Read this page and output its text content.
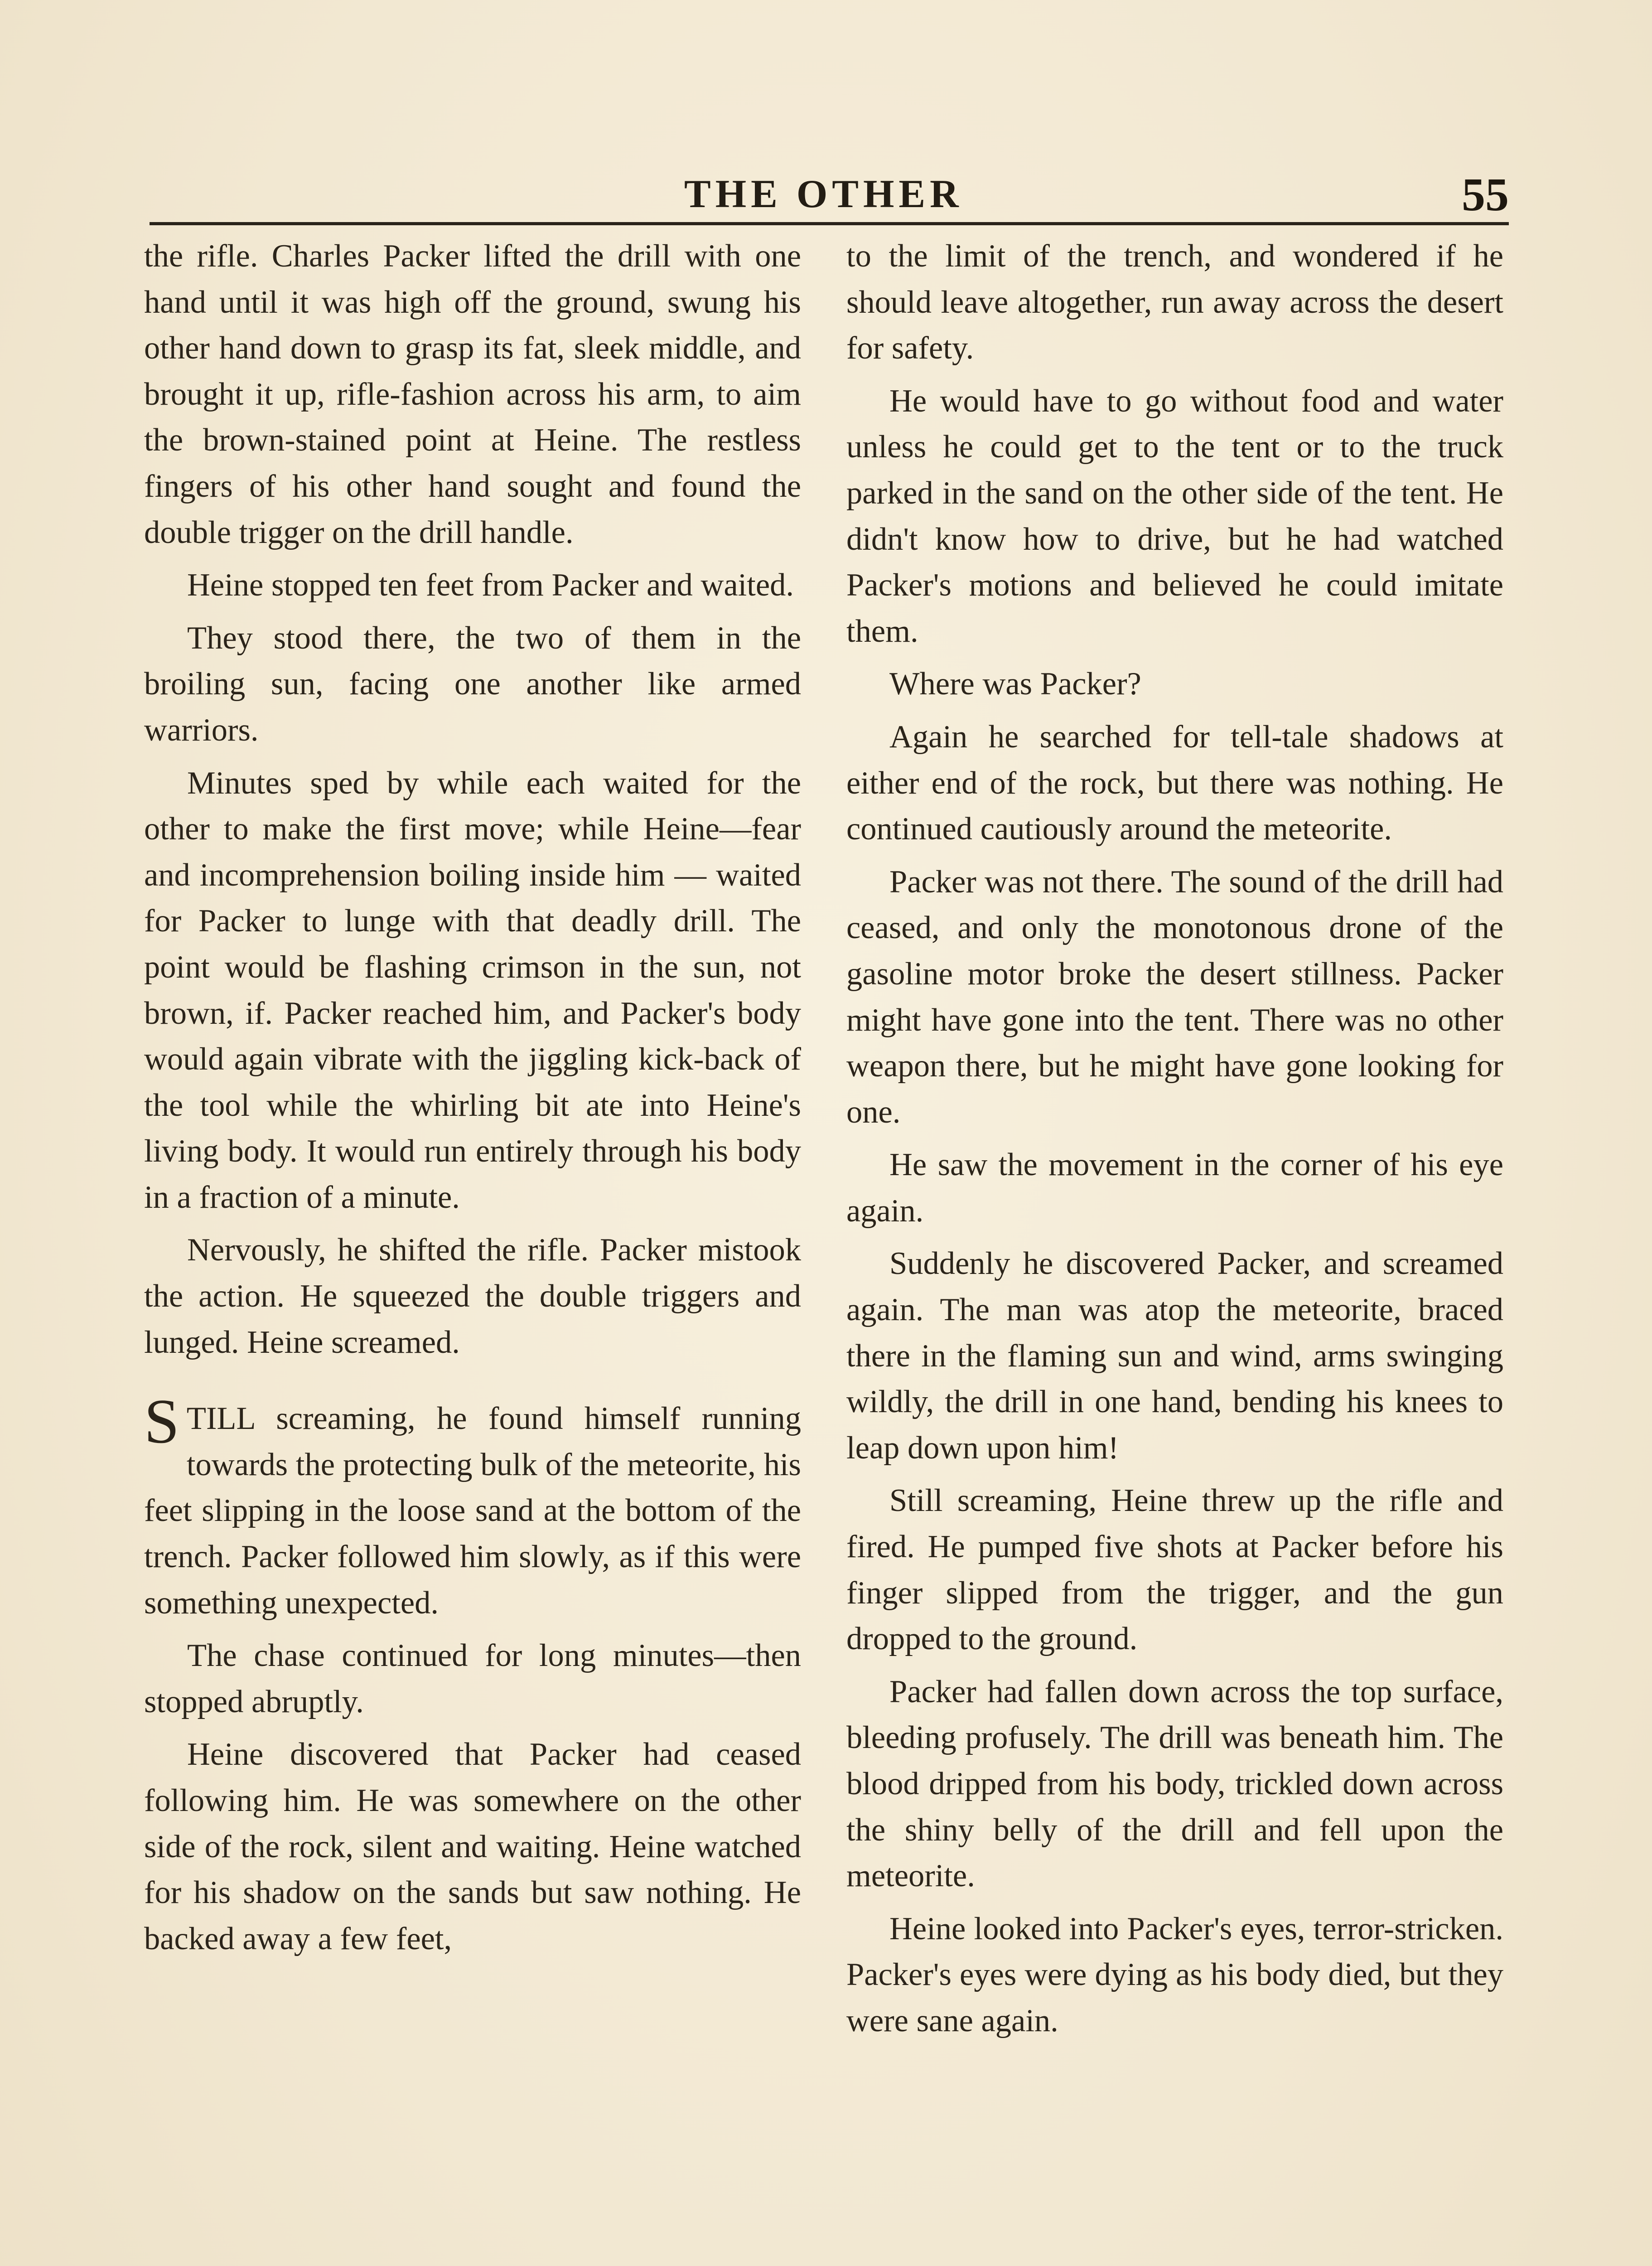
THE OTHER	55

the rifle. Charles Packer lifted the drill with one hand until it was high off the ground, swung his other hand down to grasp its fat, sleek middle, and brought it up, rifle-fashion across his arm, to aim the brown-stained point at Heine. The restless fingers of his other hand sought and found the double trigger on the drill handle.

Heine stopped ten feet from Packer and waited.

They stood there, the two of them in the broiling sun, facing one another like armed warriors.

Minutes sped by while each waited for the other to make the first move; while Heine—fear and incomprehension boiling inside him — waited for Packer to lunge with that deadly drill. The point would be flashing crimson in the sun, not brown, if. Packer reached him, and Packer's body would again vibrate with the jiggling kick-back of the tool while the whirling bit ate into Heine's living body. It would run entirely through his body in a fraction of a minute.

Nervously, he shifted the rifle. Packer mistook the action. He squeezed the double triggers and lunged. Heine screamed.

STILL screaming, he found himself running towards the protecting bulk of the meteorite, his feet slipping in the loose sand at the bottom of the trench. Packer followed him slowly, as if this were something unexpected.

The chase continued for long minutes—then stopped abruptly.

Heine discovered that Packer had ceased following him. He was somewhere on the other side of the rock, silent and waiting. Heine watched for his shadow on the sands but saw nothing. He backed away a few feet,

to the limit of the trench, and wondered if he should leave altogether, run away across the desert for safety.

He would have to go without food and water unless he could get to the tent or to the truck parked in the sand on the other side of the tent. He didn't know how to drive, but he had watched Packer's motions and believed he could imitate them.

Where was Packer?

Again he searched for tell-tale shadows at either end of the rock, but there was nothing. He continued cautiously around the meteorite.

Packer was not there. The sound of the drill had ceased, and only the monotonous drone of the gasoline motor broke the desert stillness. Packer might have gone into the tent. There was no other weapon there, but he might have gone looking for one.

He saw the movement in the corner of his eye again.

Suddenly he discovered Packer, and screamed again. The man was atop the meteorite, braced there in the flaming sun and wind, arms swinging wildly, the drill in one hand, bending his knees to leap down upon him!

Still screaming, Heine threw up the rifle and fired. He pumped five shots at Packer before his finger slipped from the trigger, and the gun dropped to the ground.

Packer had fallen down across the top surface, bleeding profusely. The drill was beneath him. The blood dripped from his body, trickled down across the shiny belly of the drill and fell upon the meteorite.

Heine looked into Packer's eyes, terror-stricken. Packer's eyes were dying as his body died, but they were sane again.
